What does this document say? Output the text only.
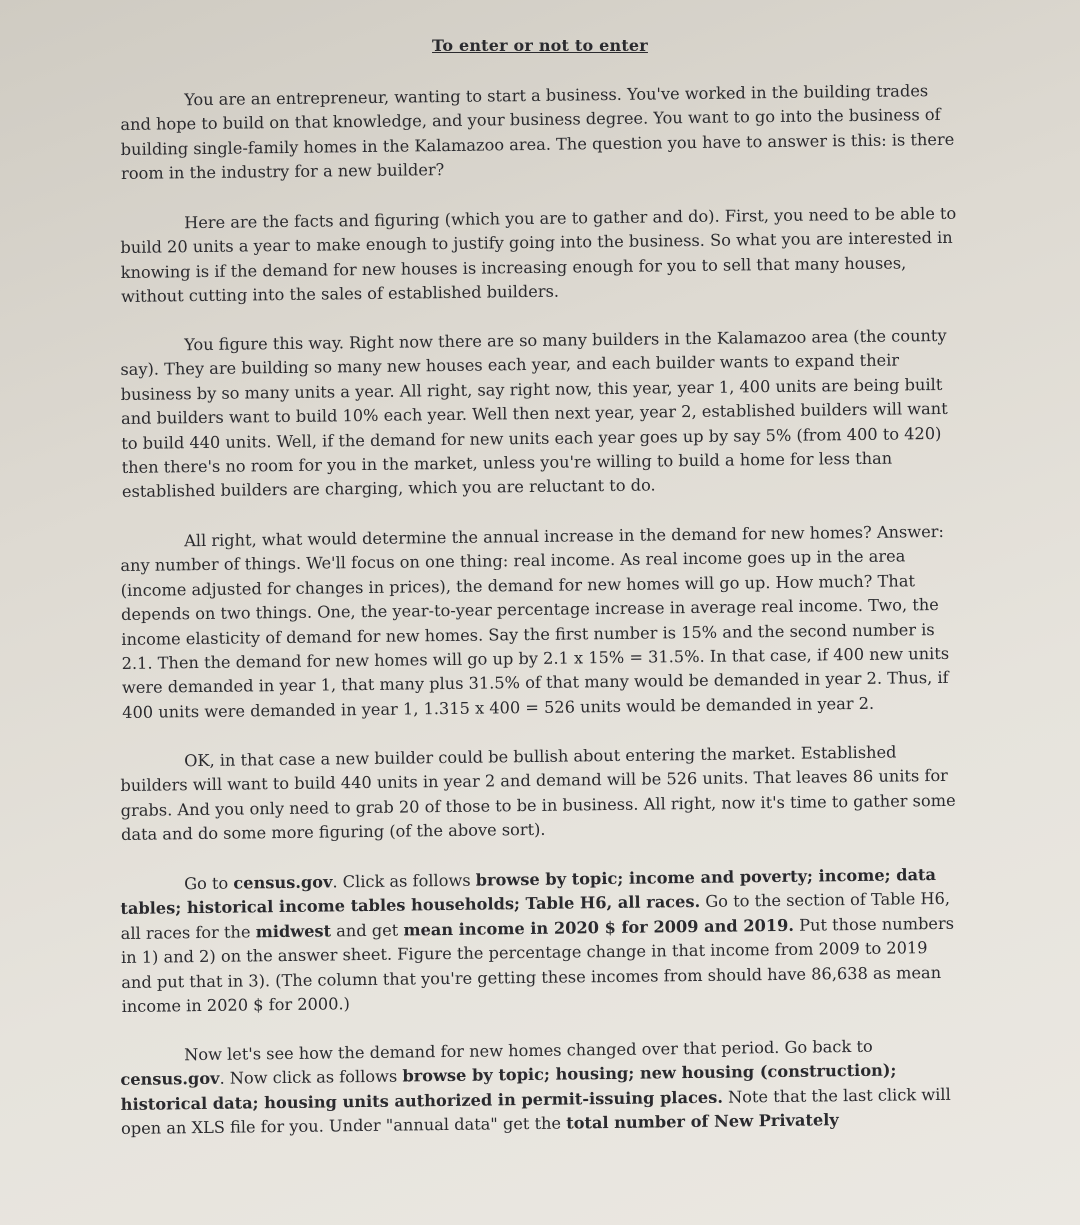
To enter or not to enter

You are an entrepreneur, wanting to start a business. You've worked in the building trades and hope to build on that knowledge, and your business degree. You want to go into the business of building single-family homes in the Kalamazoo area. The question you have to answer is this: is there room in the industry for a new builder?

Here are the facts and figuring (which you are to gather and do). First, you need to be able to build 20 units a year to make enough to justify going into the business. So what you are interested in knowing is if the demand for new houses is increasing enough for you to sell that many houses, without cutting into the sales of established builders.

You figure this way. Right now there are so many builders in the Kalamazoo area (the county say). They are building so many new houses each year, and each builder wants to expand their business by so many units a year. All right, say right now, this year, year 1, 400 units are being built and builders want to build 10% each year. Well then next year, year 2, established builders will want to build 440 units. Well, if the demand for new units each year goes up by say 5% (from 400 to 420) then there's no room for you in the market, unless you're willing to build a home for less than established builders are charging, which you are reluctant to do.

All right, what would determine the annual increase in the demand for new homes? Answer: any number of things. We'll focus on one thing: real income. As real income goes up in the area (income adjusted for changes in prices), the demand for new homes will go up. How much? That depends on two things. One, the year-to-year percentage increase in average real income. Two, the income elasticity of demand for new homes. Say the first number is 15% and the second number is 2.1. Then the demand for new homes will go up by 2.1 x 15% = 31.5%. In that case, if 400 new units were demanded in year 1, that many plus 31.5% of that many would be demanded in year 2. Thus, if 400 units were demanded in year 1, 1.315 x 400 = 526 units would be demanded in year 2.

OK, in that case a new builder could be bullish about entering the market. Established builders will want to build 440 units in year 2 and demand will be 526 units. That leaves 86 units for grabs. And you only need to grab 20 of those to be in business. All right, now it's time to gather some data and do some more figuring (of the above sort).

Go to census.gov. Click as follows browse by topic; income and poverty; income; data tables; historical income tables households; Table H6, all races. Go to the section of Table H6, all races for the midwest and get mean income in 2020 $ for 2009 and 2019. Put those numbers in 1) and 2) on the answer sheet. Figure the percentage change in that income from 2009 to 2019 and put that in 3). (The column that you're getting these incomes from should have 86,638 as mean income in 2020 $ for 2000.)

Now let's see how the demand for new homes changed over that period. Go back to census.gov. Now click as follows browse by topic; housing; new housing (construction); historical data; housing units authorized in permit-issuing places. Note that the last click will open an XLS file for you. Under "annual data" get the total number of New Privately
